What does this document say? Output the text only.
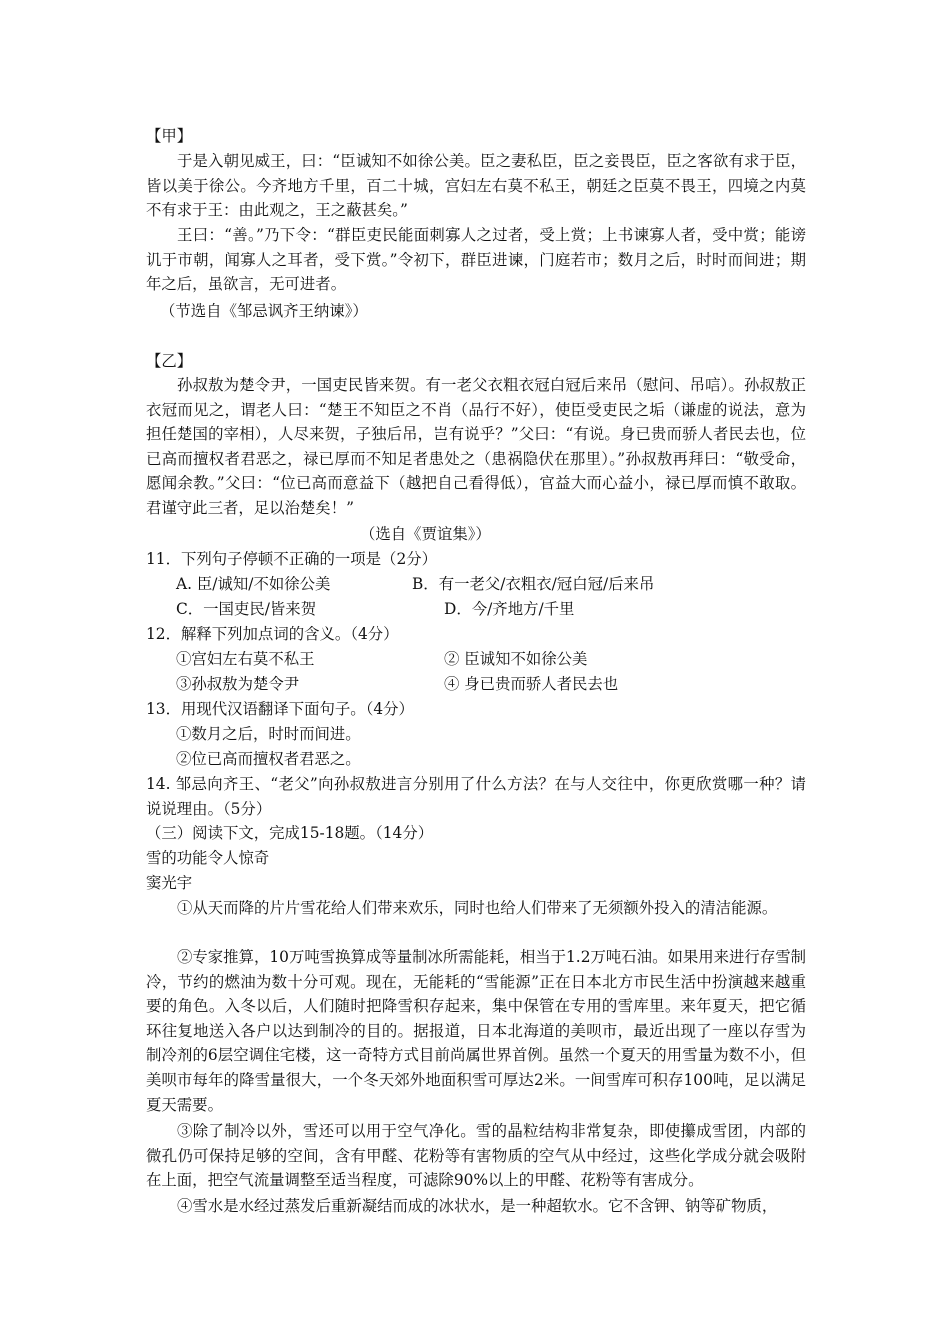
【甲】
于是入朝见威王，曰：“臣诚知不如徐公美。臣之妻私臣，臣之妾畏臣，臣之客欲有求于臣，皆以美于徐公。今齐地方千里，百二十城，宫妇左右莫不私王，朝廷之臣莫不畏王，四境之内莫不有求于王：由此观之，王之蔽甚矣。”
王曰：“善。”乃下令：“群臣吏民能面刺寡人之过者，受上赏；上书谏寡人者，受中赏；能谤讥于市朝，闻寡人之耳者，受下赏。”令初下，群臣进谏，门庭若市；数月之后，时时而间进；期年之后，虽欲言，无可进者。
（节选自《邹忌讽齐王纳谏》）
【乙】
孙叔敖为楚令尹，一国吏民皆来贺。有一老父衣粗衣冠白冠后来吊（慰问、吊唁）。孙叔敖正衣冠而见之，谓老人曰：“楚王不知臣之不肖（品行不好），使臣受吏民之垢（谦虚的说法，意为担任楚国的宰相），人尽来贺，子独后吊，岂有说乎？”父曰：“有说。身已贵而骄人者民去也，位已高而擅权者君恶之，禄已厚而不知足者患处之（患祸隐伏在那里）。”孙叔敖再拜曰：“敬受命，愿闻余教。”父曰：“位已高而意益下（越把自己看得低），官益大而心益小，禄已厚而慎不敢取。君谨守此三者，足以治楚矣！”
（选自《贾谊集》）
11．下列句子停顿不正确的一项是（2分）
A. 臣/诚知/不如徐公美	B．有一老父/衣粗衣/冠白冠/后来吊
C．一国吏民/皆来贺	D．今/齐地方/千里
12．解释下列加点词的含义。（4分）
①宫妇左右莫不私王	② 臣诚知不如徐公美
③孙叔敖为楚令尹	④ 身已贵而骄人者民去也
13．用现代汉语翻译下面句子。（4分）
①数月之后，时时而间进。
②位已高而擅权者君恶之。
14. 邹忌向齐王、“老父”向孙叔敖进言分别用了什么方法？在与人交往中，你更欣赏哪一种？请说说理由。（5分）
（三）阅读下文，完成15-18题。（14分）
雪的功能令人惊奇
窦光宇
①从天而降的片片雪花给人们带来欢乐，同时也给人们带来了无须额外投入的清洁能源。
②专家推算，10万吨雪换算成等量制冰所需能耗，相当于1.2万吨石油。如果用来进行存雪制冷，节约的燃油为数十分可观。现在，无能耗的“雪能源”正在日本北方市民生活中扮演越来越重要的角色。入冬以后，人们随时把降雪积存起来，集中保管在专用的雪库里。来年夏天，把它循环往复地送入各户以达到制冷的目的。据报道，日本北海道的美呗市，最近出现了一座以存雪为制冷剂的6层空调住宅楼，这一奇特方式目前尚属世界首例。虽然一个夏天的用雪量为数不小，但美呗市每年的降雪量很大，一个冬天郊外地面积雪可厚达2米。一间雪库可积存100吨，足以满足夏天需要。
③除了制冷以外，雪还可以用于空气净化。雪的晶粒结构非常复杂，即使攥成雪团，内部的微孔仍可保持足够的空间，含有甲醛、花粉等有害物质的空气从中经过，这些化学成分就会吸附在上面，把空气流量调整至适当程度，可滤除90%以上的甲醛、花粉等有害成分。
④雪水是水经过蒸发后重新凝结而成的冰状水，是一种超软水。它不含钾、钠等矿物质，
